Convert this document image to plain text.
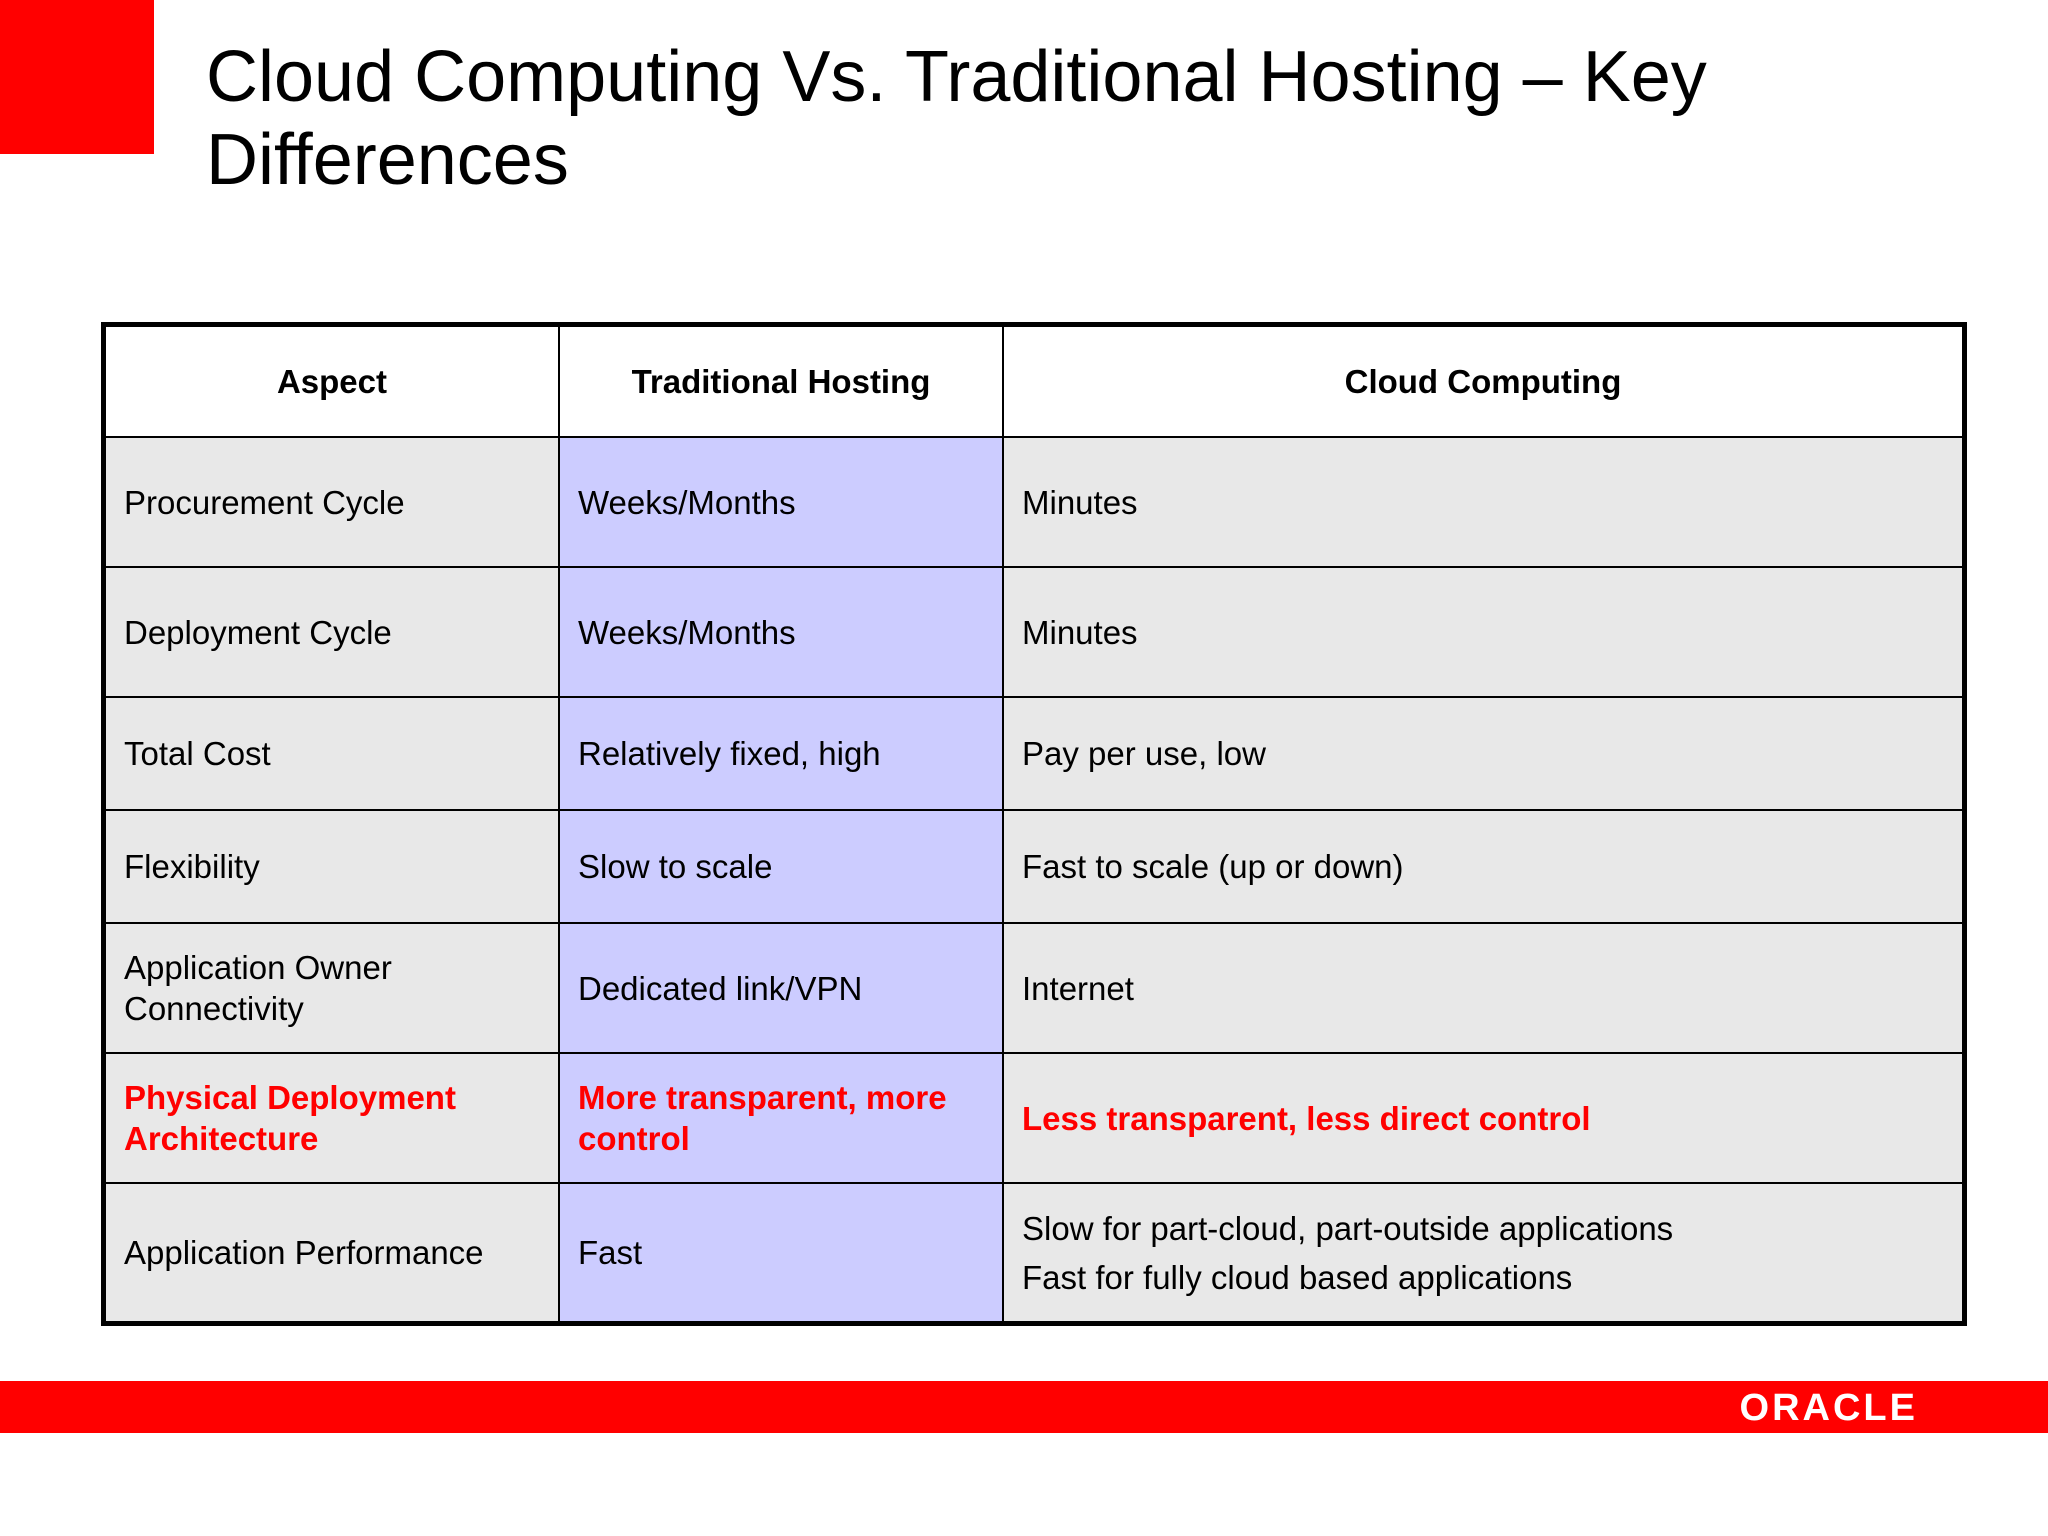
Cloud Computing Vs. Traditional Hosting – Key Differences
Aspect	Traditional Hosting	Cloud Computing
Procurement Cycle	Weeks/Months	Minutes
Deployment Cycle	Weeks/Months	Minutes
Total Cost	Relatively fixed, high	Pay per use, low
Flexibility	Slow to scale	Fast to scale (up or down)
Application Owner Connectivity	Dedicated link/VPN	Internet
Physical Deployment Architecture	More transparent, more control	Less transparent, less direct control
Application Performance	Fast	Slow for part-cloud, part-outside applications
Fast for fully cloud based applications
ORACLE
